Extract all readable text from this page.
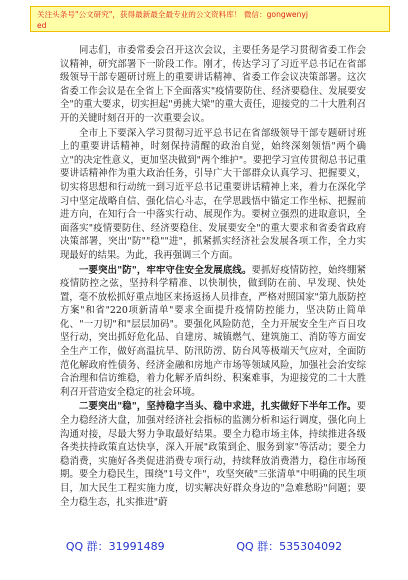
关注头条号"公文研究"，获得最新最全最专业的公文资料库！ 微信：gongwenyj
ed

同志们，市委常委会召开这次会议，主要任务是学习贯彻省委工作会议精神，研究部署下一阶段工作。刚才，传达学习了习近平总书记在省部级领导干部专题研讨班上的重要讲话精神、省委工作会议决策部署。这次省委工作会议是在全省上下全面落实"疫情要防住、经济要稳住、发展要安全"的重大要求，切实担起"勇挑大梁"的重大责任，迎接党的二十大胜利召开的关键时刻召开的一次重要会议。

全市上下要深入学习贯彻习近平总书记在省部级领导干部专题研讨班上的重要讲话精神，时刻保持清醒的政治自觉，始终深刻领悟"两个确立"的决定性意义，更加坚决做到"两个维护"。要把学习宣传贯彻总书记重要讲话精神作为重大政治任务，引导广大干部群众认真学习、把握要义，切实将思想和行动统一到习近平总书记重要讲话精神上来，着力在深化学习中坚定战略自信、强化信心斗志，在学思践悟中锚定工作坐标、把握前进方向，在知行合一中落实行动、展现作为。要树立强烈的进取意识，全面落实"疫情要防住、经济要稳住、发展要安全"的重大要求和省委省政府决策部署，突出"防""稳""进"，抓紧抓实经济社会发展各项工作，全力实现最好的结果。为此，我再强调三个方面。

一要突出"防"，牢牢守住安全发展底线。要抓好疫情防控，始终绷紧疫情防控之弦，坚持科学精准、以快制快，做到防在前、早发现、快处置，毫不放松抓好重点地区来扬返扬人员排查，严格对照国家"第九版防控方案"和省"220项新清单"要求全面提升疫情防控能力，坚决防止简单化、"一刀切"和"层层加码"。要强化风险防范，全力开展安全生产百日攻坚行动，突出抓好危化品、自建房、城镇燃气、建筑施工、消防等方面安全生产工作，做好高温抗旱、防汛防涝、防台风等极端天气应对，全面防范化解政府性债务、经济金融和房地产市场等领域风险，加强社会治安综合治理和信访维稳，着力化解矛盾纠纷、积案难事，为迎接党的二十大胜利召开营造安全稳定的社会环境。

二要突出"稳"，坚持稳字当头、稳中求进，扎实做好下半年工作。要全力稳经济大盘，加强对经济社会指标的监测分析和运行调度，强化向上沟通对接，尽最大努力争取最好结果。要全力稳市场主体，持续推进各级各类扶持政策直达快享，深入开展"政策到企、服务到家"等活动；要全力稳消费，实施好各类促进消费专项行动，持续释放消费潜力，稳住市场预期。要全力稳民生，围绕"1号文件"，攻坚突破"三张清单"中明确的民生项目，加大民生工程实施力度，切实解决好群众身边的"急难愁盼"问题；要全力稳生态，扎实推进"蔚

QQ 群：31991489	QQ 群：535304092
